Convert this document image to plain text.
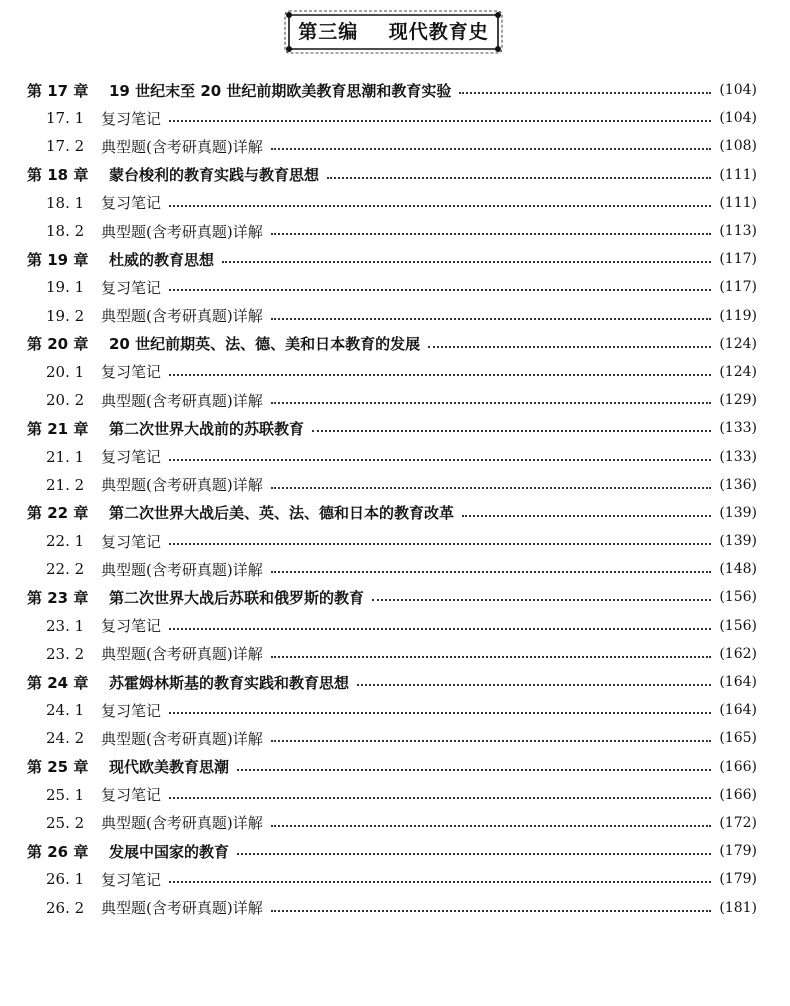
第三编    现代教育史
第 17 章	19 世纪末至 20 世纪前期欧美教育思潮和教育实验	(104)
17. 1	复习笔记	(104)
17. 2	典型题(含考研真题)详解	(108)
第 18 章	蒙台梭利的教育实践与教育思想	(111)
18. 1	复习笔记	(111)
18. 2	典型题(含考研真题)详解	(113)
第 19 章	杜威的教育思想	(117)
19. 1	复习笔记	(117)
19. 2	典型题(含考研真题)详解	(119)
第 20 章	20 世纪前期英、法、德、美和日本教育的发展	(124)
20. 1	复习笔记	(124)
20. 2	典型题(含考研真题)详解	(129)
第 21 章	第二次世界大战前的苏联教育	(133)
21. 1	复习笔记	(133)
21. 2	典型题(含考研真题)详解	(136)
第 22 章	第二次世界大战后美、英、法、德和日本的教育改革	(139)
22. 1	复习笔记	(139)
22. 2	典型题(含考研真题)详解	(148)
第 23 章	第二次世界大战后苏联和俄罗斯的教育	(156)
23. 1	复习笔记	(156)
23. 2	典型题(含考研真题)详解	(162)
第 24 章	苏霍姆林斯基的教育实践和教育思想	(164)
24. 1	复习笔记	(164)
24. 2	典型题(含考研真题)详解	(165)
第 25 章	现代欧美教育思潮	(166)
25. 1	复习笔记	(166)
25. 2	典型题(含考研真题)详解	(172)
第 26 章	发展中国家的教育	(179)
26. 1	复习笔记	(179)
26. 2	典型题(含考研真题)详解	(181)
